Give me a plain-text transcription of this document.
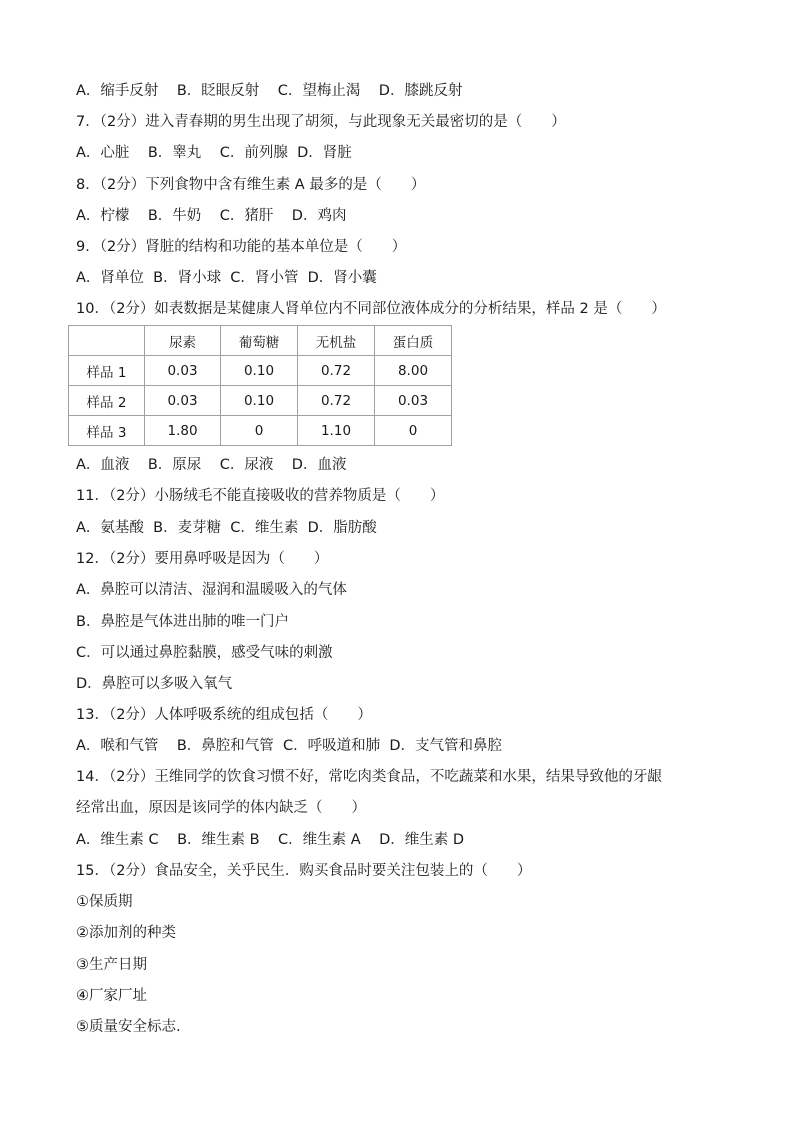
A．缩手反射    B．眨眼反射    C．望梅止渴    D．膝跳反射
7．（2分）进入青春期的男生出现了胡须，与此现象无关最密切的是（　　）
A．心脏    B．睾丸    C．前列腺  D．肾脏
8．（2分）下列食物中含有维生素 A 最多的是（　　）
A．柠檬    B．牛奶    C．猪肝    D．鸡肉
9．（2分）肾脏的结构和功能的基本单位是（　　）
A．肾单位  B．肾小球  C．肾小管  D．肾小囊
10．（2分）如表数据是某健康人肾单位内不同部位液体成分的分析结果，样品 2 是（　　）
	尿素	葡萄糖	无机盐	蛋白质
样品 1	0.03	0.10	0.72	8.00
样品 2	0.03	0.10	0.72	0.03
样品 3	1.80	0	1.10	0
A．血液    B．原尿    C．尿液    D．血液
11．（2分）小肠绒毛不能直接吸收的营养物质是（　　）
A．氨基酸  B．麦芽糖  C．维生素  D．脂肪酸
12．（2分）要用鼻呼吸是因为（　　）
A．鼻腔可以清洁、湿润和温暖吸入的气体
B．鼻腔是气体进出肺的唯一门户
C．可以通过鼻腔黏膜，感受气味的刺激
D．鼻腔可以多吸入氧气
13．（2分）人体呼吸系统的组成包括（　　）
A．喉和气管    B．鼻腔和气管  C．呼吸道和肺  D．支气管和鼻腔
14．（2分）王维同学的饮食习惯不好，常吃肉类食品，不吃蔬菜和水果，结果导致他的牙龈
经常出血，原因是该同学的体内缺乏（　　）
A．维生素 C    B．维生素 B    C．维生素 A    D．维生素 D
15．（2分）食品安全，关乎民生．购买食品时要关注包装上的（　　）
①保质期
②添加剂的种类
③生产日期
④厂家厂址
⑤质量安全标志.
